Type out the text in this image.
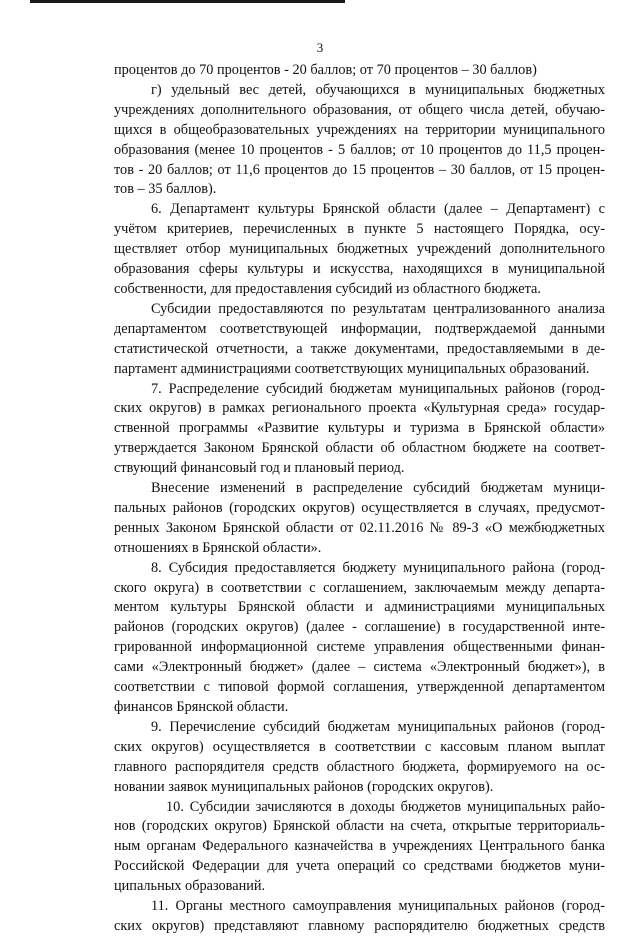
3

процентов до 70 процентов - 20 баллов; от 70 процентов – 30 баллов)

г) удельный вес детей, обучающихся в муниципальных бюджетных

учреждениях дополнительного образования, от общего числа детей, обучаю-

щихся в общеобразовательных учреждениях на территории муниципального

образования (менее 10 процентов - 5 баллов; от 10 процентов до 11,5 процен-

тов - 20 баллов; от 11,6 процентов до 15 процентов – 30 баллов, от 15 процен-

тов – 35 баллов).

6. Департамент культуры Брянской области (далее – Департамент) с

учётом критериев, перечисленных в пункте 5 настоящего Порядка, осу-

ществляет отбор муниципальных бюджетных учреждений дополнительного

образования сферы культуры и искусства, находящихся в муниципальной

собственности, для предоставления субсидий из областного бюджета.

Субсидии предоставляются по результатам централизованного анализа

департаментом соответствующей информации, подтверждаемой данными

статистической отчетности, а также документами, предоставляемыми в де-

партамент администрациями соответствующих муниципальных образований.

7. Распределение субсидий бюджетам муниципальных районов (город-

ских округов) в рамках регионального проекта «Культурная среда» государ-

ственной программы «Развитие культуры и туризма в Брянской области»

утверждается Законом Брянской области об областном бюджете на соответ-

ствующий финансовый год и плановый период.

Внесение изменений в распределение субсидий бюджетам муници-

пальных районов (городских округов) осуществляется в случаях, предусмот-

ренных Законом Брянской области от 02.11.2016 № 89-З «О межбюджетных

отношениях в Брянской области».

8. Субсидия предоставляется бюджету муниципального района (город-

ского округа) в соответствии с соглашением, заключаемым между департа-

ментом культуры Брянской области и администрациями муниципальных

районов (городских округов) (далее - соглашение) в государственной инте-

грированной информационной системе управления общественными финан-

сами «Электронный бюджет» (далее – система «Электронный бюджет»), в

соответствии с типовой формой соглашения, утвержденной департаментом

финансов Брянской области.

9. Перечисление субсидий бюджетам муниципальных районов (город-

ских округов) осуществляется в соответствии с кассовым планом выплат

главного распорядителя средств областного бюджета, формируемого на ос-

новании заявок муниципальных районов (городских округов).

10. Субсидии зачисляются в доходы бюджетов муниципальных райо-

нов (городских округов) Брянской области на счета, открытые территориаль-

ным органам Федерального казначейства в учреждениях Центрального банка

Российской Федерации для учета операций со средствами бюджетов муни-

ципальных образований.

11. Органы местного самоуправления муниципальных районов (город-

ских округов) представляют главному распорядителю бюджетных средств
